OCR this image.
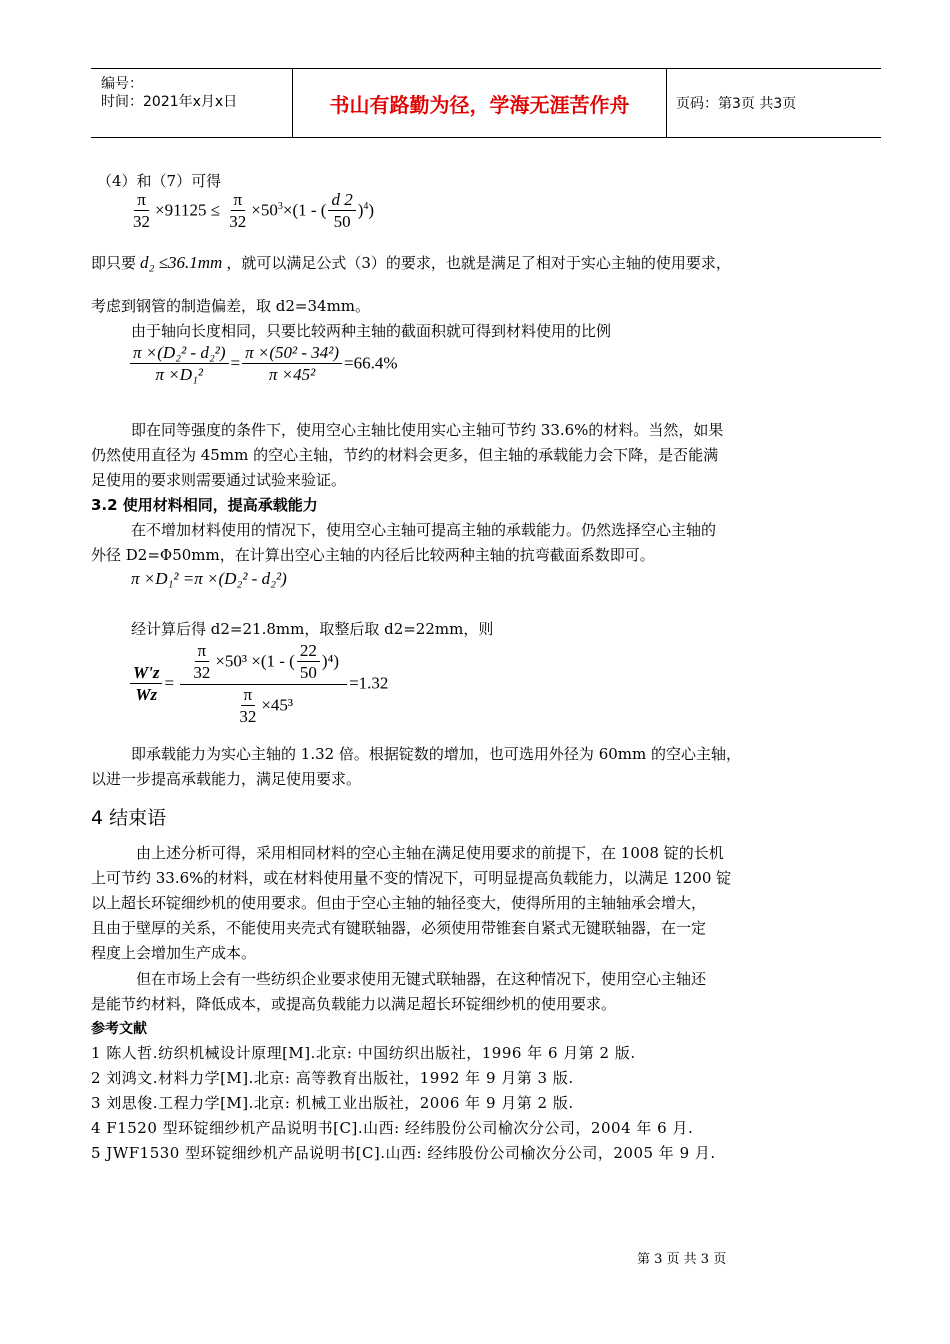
编号：
时间：2021年x月x日	书山有路勤为径，学海无涯苦作舟	页码：第3页 共3页
（4）和（7）可得
$\frac{\pi}{32} \times 91125 \le \frac{\pi}{32} \times 50^3\times(1$ - ( $\frac{d 2}{50} )^4$)
即只要 d₂ ≤36.1mm ，就可以满足公式（3）的要求，也就是满足了相对于实心主轴的使用要求，
考虑到钢管的制造偏差，取 d2=34mm。
由于轴向长度相同，只要比较两种主轴的截面积就可得到材料使用的比例
$\frac{\text{π ×(D₂² - d₂²)}}{\text{π ×D₁²}} = \frac{\text{π ×(50² - 34²)}}{\text{π ×45²}} =66.4\%$
即在同等强度的条件下，使用空心主轴比使用实心主轴可节约 33.6%的材料。当然，如果
仍然使用直径为 45mm 的空心主轴，节约的材料会更多，但主轴的承载能力会下降，是否能满
足使用的要求则需要通过试验来验证。
3.2 使用材料相同，提高承载能力
在不增加材料使用的情况下，使用空心主轴可提高主轴的承载能力。仍然选择空心主轴的
外径 D2=Φ50mm，在计算出空心主轴的内径后比较两种主轴的抗弯截面系数即可。
π ×D₁² =π ×(D₂² - d₂²)
经计算后得 d2=21.8mm，取整后取 d2=22mm，则
$\frac{W'z}{Wz} = \frac{\frac{\pi}{32} \times 50^3 \times(1 - ( \frac{22}{50} )^4)}{\frac{\pi}{32} \times 45^3} =1.32$
即承载能力为实心主轴的 1.32 倍。根据锭数的增加，也可选用外径为 60mm 的空心主轴，
以进一步提高承载能力，满足使用要求。
4 结束语
由上述分析可得，采用相同材料的空心主轴在满足使用要求的前提下，在 1008 锭的长机
上可节约 33.6%的材料，或在材料使用量不变的情况下，可明显提高负载能力，以满足 1200 锭
以上超长环锭细纱机的使用要求。但由于空心主轴的轴径变大，使得所用的主轴轴承会增大，
且由于壁厚的关系，不能使用夹壳式有键联轴器，必须使用带锥套自紧式无键联轴器，在一定
程度上会增加生产成本。
但在市场上会有一些纺织企业要求使用无键式联轴器，在这种情况下，使用空心主轴还
是能节约材料，降低成本，或提高负载能力以满足超长环锭细纱机的使用要求。
参考文献
1 陈人哲.纺织机械设计原理[M].北京: 中国纺织出版社，1996 年 6 月第 2 版.
2 刘鸿文.材料力学[M].北京: 高等教育出版社，1992 年 9 月第 3 版.
3 刘思俊.工程力学[M].北京: 机械工业出版社，2006 年 9 月第 2 版.
4 F1520 型环锭细纱机产品说明书[C].山西: 经纬股份公司榆次分公司，2004 年 6 月.
5 JWF1530 型环锭细纱机产品说明书[C].山西: 经纬股份公司榆次分公司，2005 年 9 月.
第 3 页 共 3 页
